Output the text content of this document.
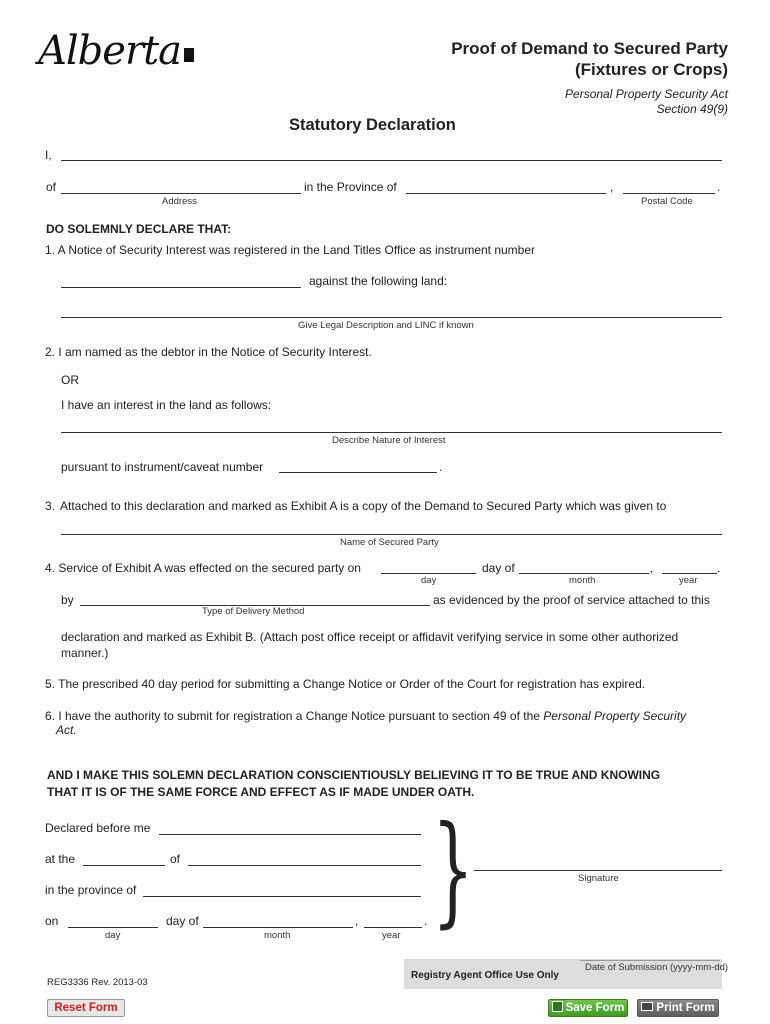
Alberta	Proof of Demand to Secured Party
(Fixtures or Crops)
Personal Property Security Act
Section 49(9)
Statutory Declaration
I,
of	in the Province of	,	.
Address	Postal Code
DO SOLEMNLY DECLARE THAT:
1. A Notice of Security Interest was registered in the Land Titles Office as instrument number
against the following land:
Give Legal Description and LINC if known
2. I am named as the debtor in the Notice of Security Interest.
OR
I have an interest in the land as follows:
Describe Nature of Interest
pursuant to instrument/caveat number	.
3. Attached to this declaration and marked as Exhibit A is a copy of the Demand to Secured Party which was given to
Name of Secured Party
4. Service of Exhibit A was effected on the secured party on	day of	,	.
day	month	year
by	as evidenced by the proof of service attached to this
Type of Delivery Method
declaration and marked as Exhibit B. (Attach post office receipt or affidavit verifying service in some other authorized
manner.)
5. The prescribed 40 day period for submitting a Change Notice or Order of the Court for registration has expired.
6. I have the authority to submit for registration a Change Notice pursuant to section 49 of the Personal Property Security
Act.
AND I MAKE THIS SOLEMN DECLARATION CONSCIENTIOUSLY BELIEVING IT TO BE TRUE AND KNOWING
THAT IT IS OF THE SAME FORCE AND EFFECT AS IF MADE UNDER OATH.
Declared before me
at the	of
in the province of
on	day of	,	.
day	month	year }	Signature
REG3336 Rev. 2013-03
Registry Agent Office Use Only
Date of Submission (yyyy-mm-dd)
Reset Form	Save Form	Print Form
